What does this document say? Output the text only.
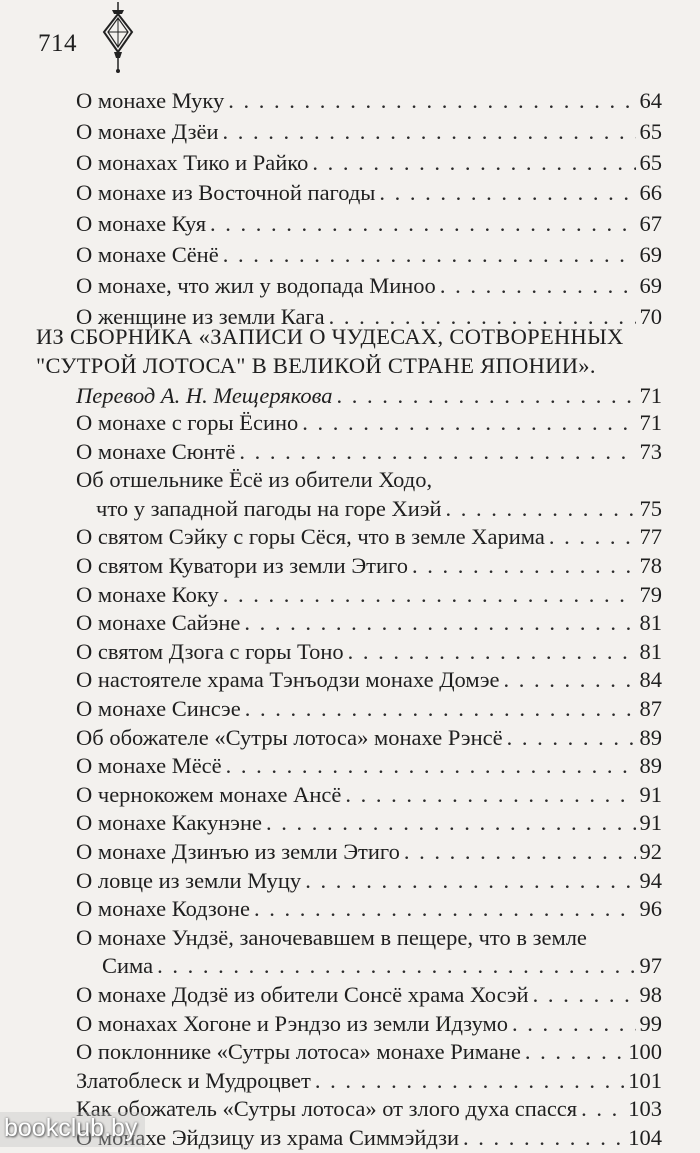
714
О монахе Муку . . .	64
О монахе Дзёи . . .	65
О монахах Тико и Райко . . .	65
О монахе из Восточной пагоды . . .	66
О монахе Куя . . .	67
О монахе Сёнё . . .	69
О монахе, что жил у водопада Миноо . . .	69
О женщине из земли Кага . . .	70
ИЗ СБОРНИКА «ЗАПИСИ О ЧУДЕСАХ, СОТВОРЕННЫХ
"СУТРОЙ ЛОТОСА" В ВЕЛИКОЙ СТРАНЕ ЯПОНИИ».
Перевод А. Н. Мещерякова . . .	71
О монахе с горы Ёсино . . .	71
О монахе Сюнтё . . .	73
Об отшельнике Ёсё из обители Ходо,
что у западной пагоды на горе Хиэй . . .	75
О святом Сэйку с горы Сёся, что в земле Харима . . .	77
О святом Куватори из земли Этиго . . .	78
О монахе Коку . . .	79
О монахе Сайэне . . .	81
О святом Дзога с горы Тоно . . .	81
О настоятеле храма Тэнъодзи монахе Домэе . . .	84
О монахе Синсэе . . .	87
Об обожателе «Сутры лотоса» монахе Рэнсё . . .	89
О монахе Мёсё . . .	89
О чернокожем монахе Ансё . . .	91
О монахе Какунэне . . .	91
О монахе Дзинъю из земли Этиго . . .	92
О ловце из земли Муцу . . .	94
О монахе Кодзоне . . .	96
О монахе Ундзё, заночевавшем в пещере, что в земле
Сима . . .	97
О монахе Додзё из обители Сонсё храма Хосэй . . .	98
О монахах Хогоне и Рэндзо из земли Идзумо . . .	99
О поклоннике «Сутры лотоса» монахе Римане . . .	100
Златоблеск и Мудроцвет . . .	101
Как обожатель «Сутры лотоса» от злого духа спасся . . . 103
О монахе Эйдзицу из храма Симмэйдзи . . .	104
bookclub.by
